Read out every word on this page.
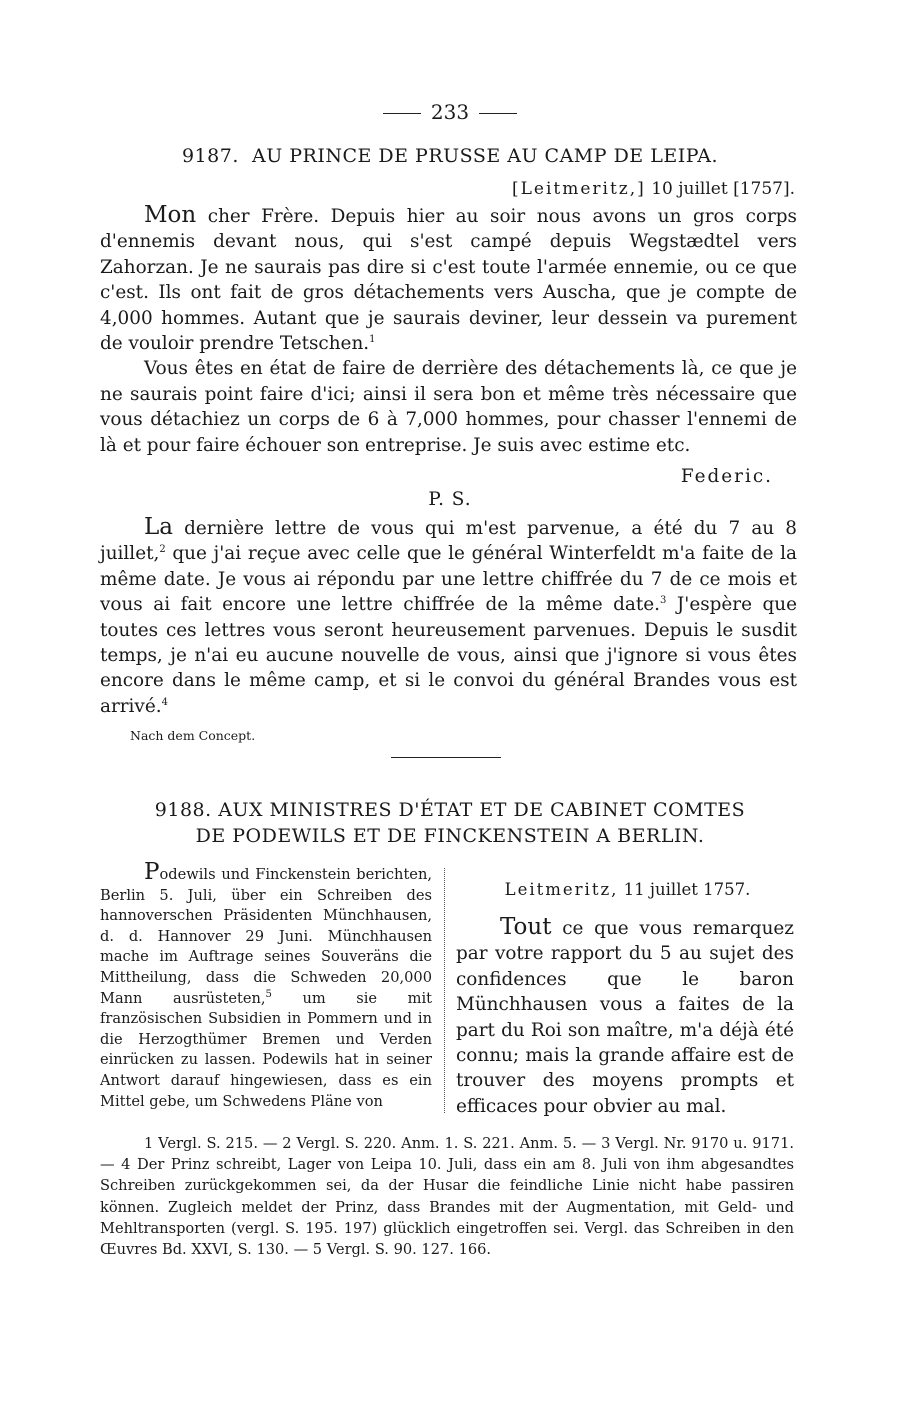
233
9187. AU PRINCE DE PRUSSE AU CAMP DE LEIPA.
[Leitmeritz,] 10 juillet [1757].

Mon cher Frère. Depuis hier au soir nous avons un gros corps d'ennemis devant nous, qui s'est campé depuis Wegstædtel vers Zahorzan. Je ne saurais pas dire si c'est toute l'armée ennemie, ou ce que c'est. Ils ont fait de gros détachements vers Auscha, que je compte de 4,000 hommes. Autant que je saurais deviner, leur dessein va purement de vouloir prendre Tetschen.$^1$

Vous êtes en état de faire de derrière des détachements là, ce que je ne saurais point faire d'ici; ainsi il sera bon et même très nécessaire que vous détachiez un corps de 6 à 7,000 hommes, pour chasser l'ennemi de là et pour faire échouer son entreprise. Je suis avec estime etc.

Federic.
P. S.

La dernière lettre de vous qui m'est parvenue, a été du 7 au 8 juillet,$^2$ que j'ai reçue avec celle que le général Winterfeldt m'a faite de la même date. Je vous ai répondu par une lettre chiffrée du 7 de ce mois et vous ai fait encore une lettre chiffrée de la même date.$^3$ J'espère que toutes ces lettres vous seront heureusement parvenues. Depuis le susdit temps, je n'ai eu aucune nouvelle de vous, ainsi que j'ignore si vous êtes encore dans le même camp, et si le convoi du général Brandes vous est arrivé.$^4$

Nach dem Concept.
9188. AUX MINISTRES D'ÉTAT ET DE CABINET COMTES
DE PODEWILS ET DE FINCKENSTEIN A BERLIN.

Podewils und Finckenstein berichten, Berlin 5. Juli, über ein Schreiben des hannoverschen Präsidenten Münchhausen, d. d. Hannover 29 Juni. Münchhausen mache im Auftrage seines Souveräns die Mittheilung, dass die Schweden 20,000 Mann ausrüsteten,$^5$ um sie mit französischen Subsidien in Pommern und in die Herzogthümer Bremen und Verden einrücken zu lassen. Podewils hat in seiner Antwort darauf hingewiesen, dass es ein Mittel gebe, um Schwedens Pläne von

Leitmeritz, 11 juillet 1757.

Tout ce que vous remarquez par votre rapport du 5 au sujet des confidences que le baron Münchhausen vous a faites de la part du Roi son maître, m'a déjà été connu; mais la grande affaire est de trouver des moyens prompts et efficaces pour obvier au mal.

1 Vergl. S. 215. — 2 Vergl. S. 220. Anm. 1. S. 221. Anm. 5. — 3 Vergl. Nr. 9170 u. 9171. — 4 Der Prinz schreibt, Lager von Leipa 10. Juli, dass ein am 8. Juli von ihm abgesandtes Schreiben zurückgekommen sei, da der Husar die feindliche Linie nicht habe passiren können. Zugleich meldet der Prinz, dass Brandes mit der Augmentation, mit Geld- und Mehltransporten (vergl. S. 195. 197) glücklich eingetroffen sei. Vergl. das Schreiben in den Œuvres Bd. XXVI, S. 130. — 5 Vergl. S. 90. 127. 166.
